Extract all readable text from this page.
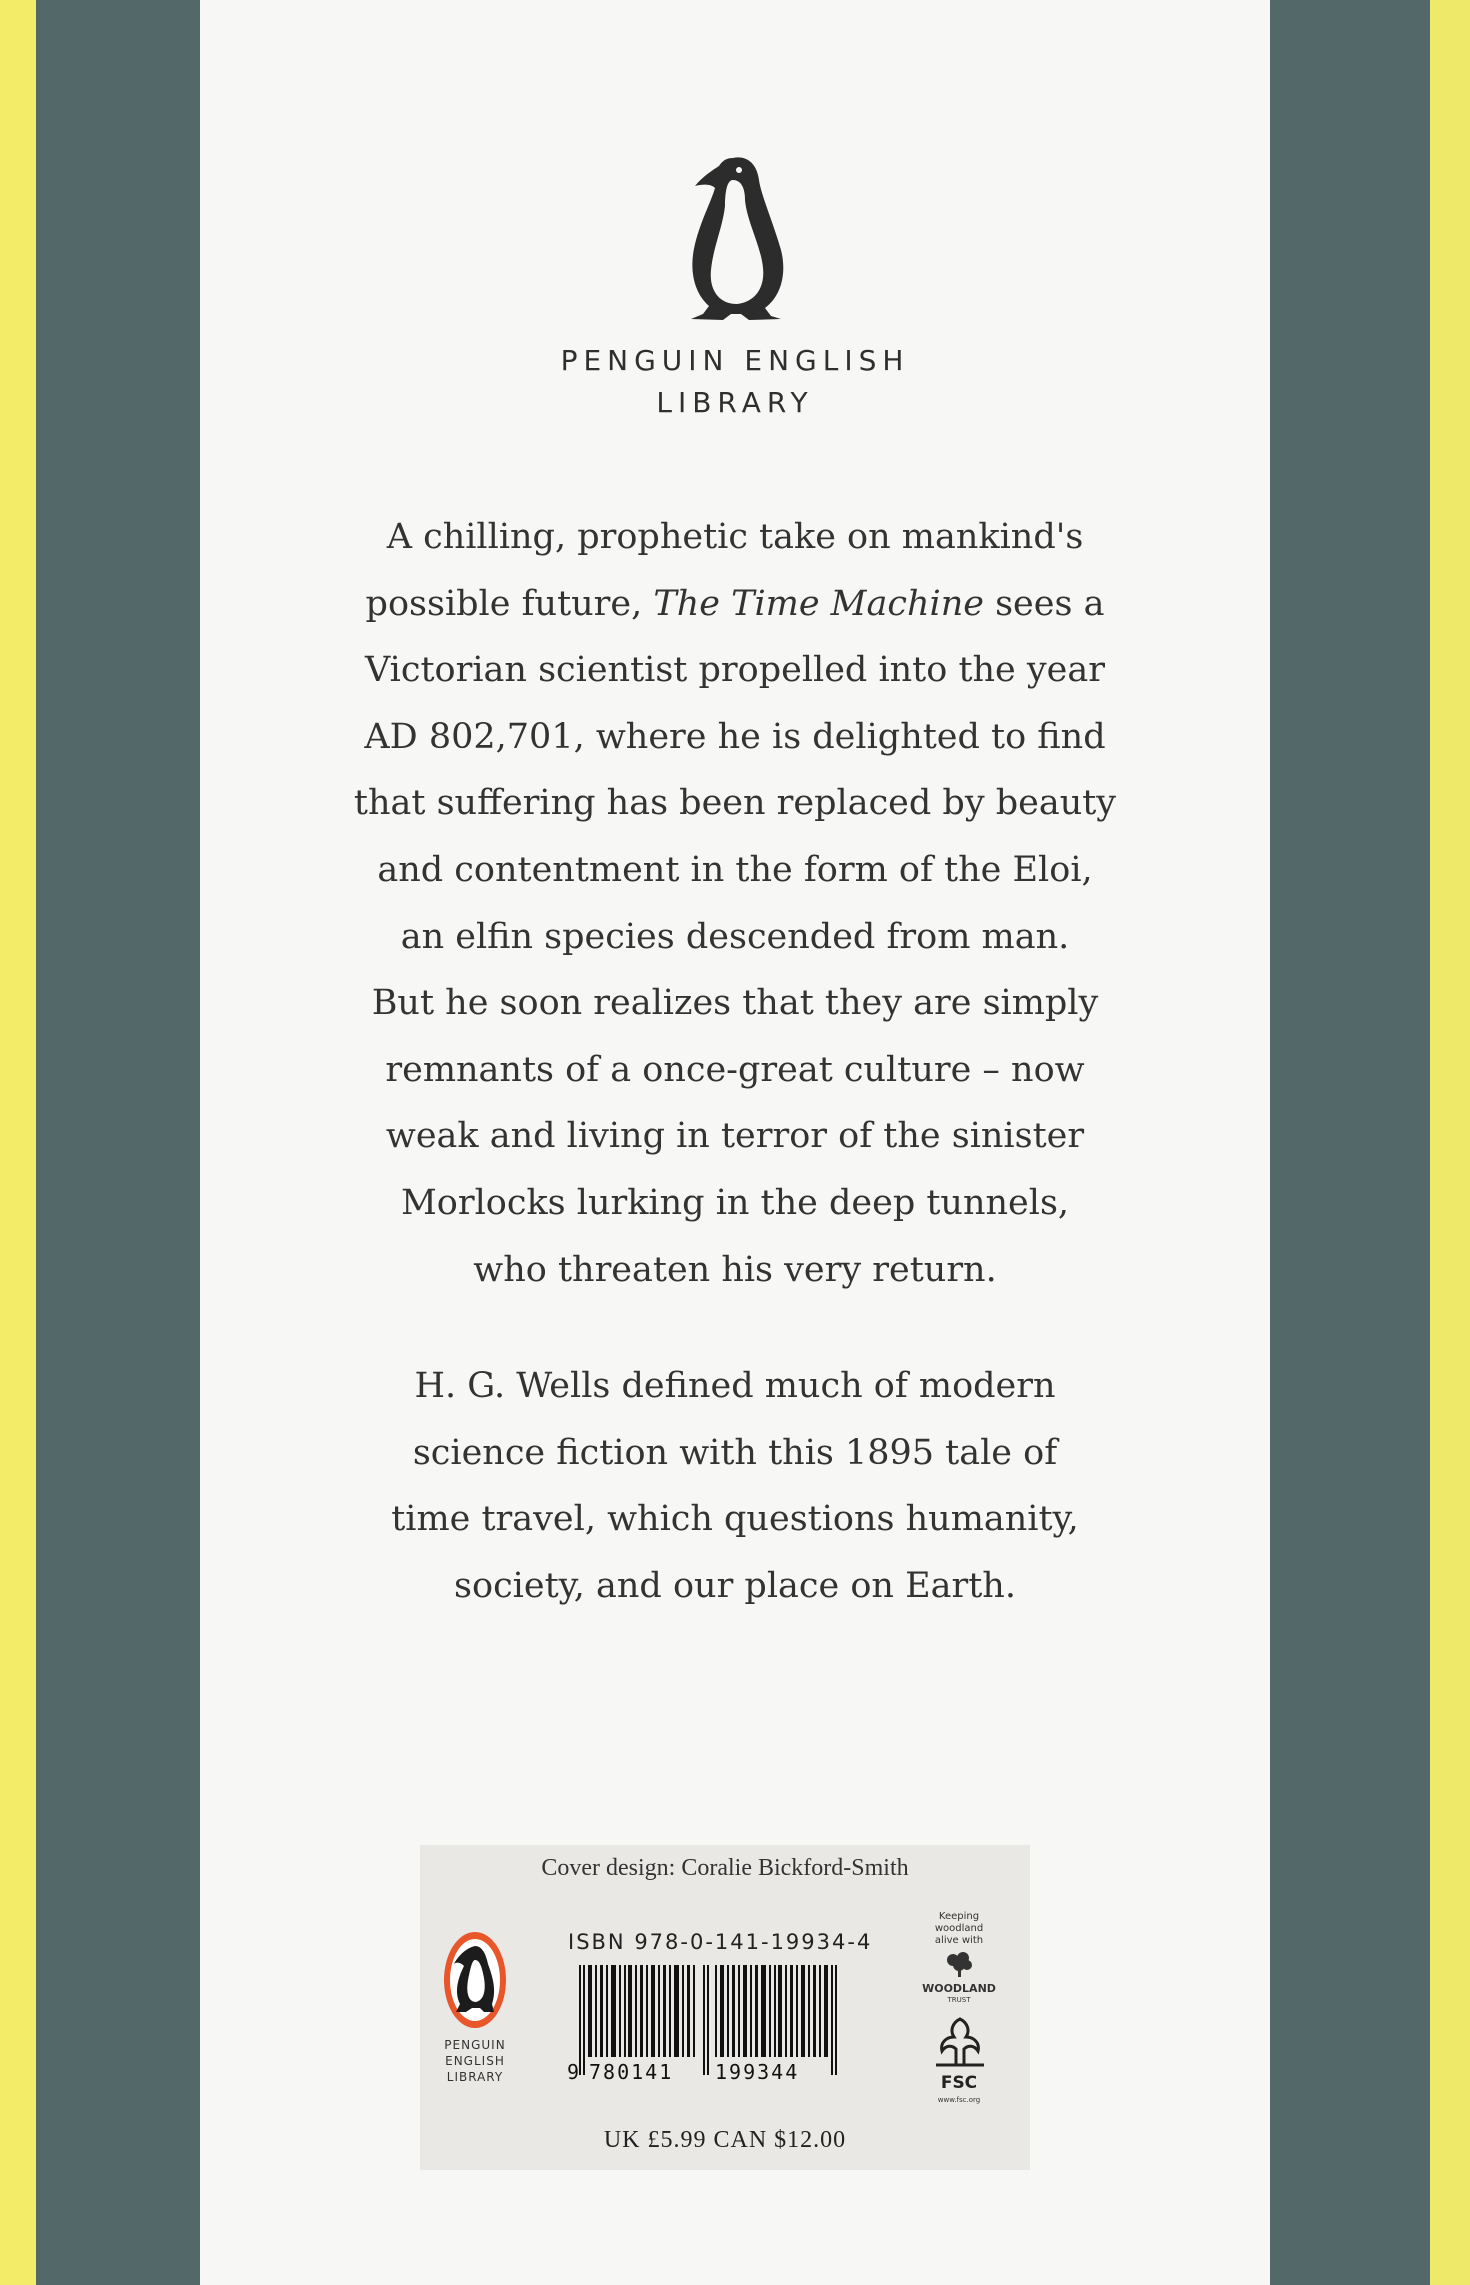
PENGUIN ENGLISH
LIBRARY
A chilling, prophetic take on mankind's
possible future, The Time Machine sees a
Victorian scientist propelled into the year
AD 802,701, where he is delighted to find
that suffering has been replaced by beauty
and contentment in the form of the Eloi,
an elfin species descended from man.
But he soon realizes that they are simply
remnants of a once-great culture – now
weak and living in terror of the sinister
Morlocks lurking in the deep tunnels,
who threaten his very return.
H. G. Wells defined much of modern
science fiction with this 1895 tale of
time travel, which questions humanity,
society, and our place on Earth.
Cover design: Coralie Bickford-Smith
PENGUIN
ENGLISH
LIBRARY
ISBN 978-0-141-19934-4
9 780141 199344
Keeping
woodland
alive with
WOODLAND
TRUST
FSC
www.fsc.org
UK £5.99 CAN $12.00
